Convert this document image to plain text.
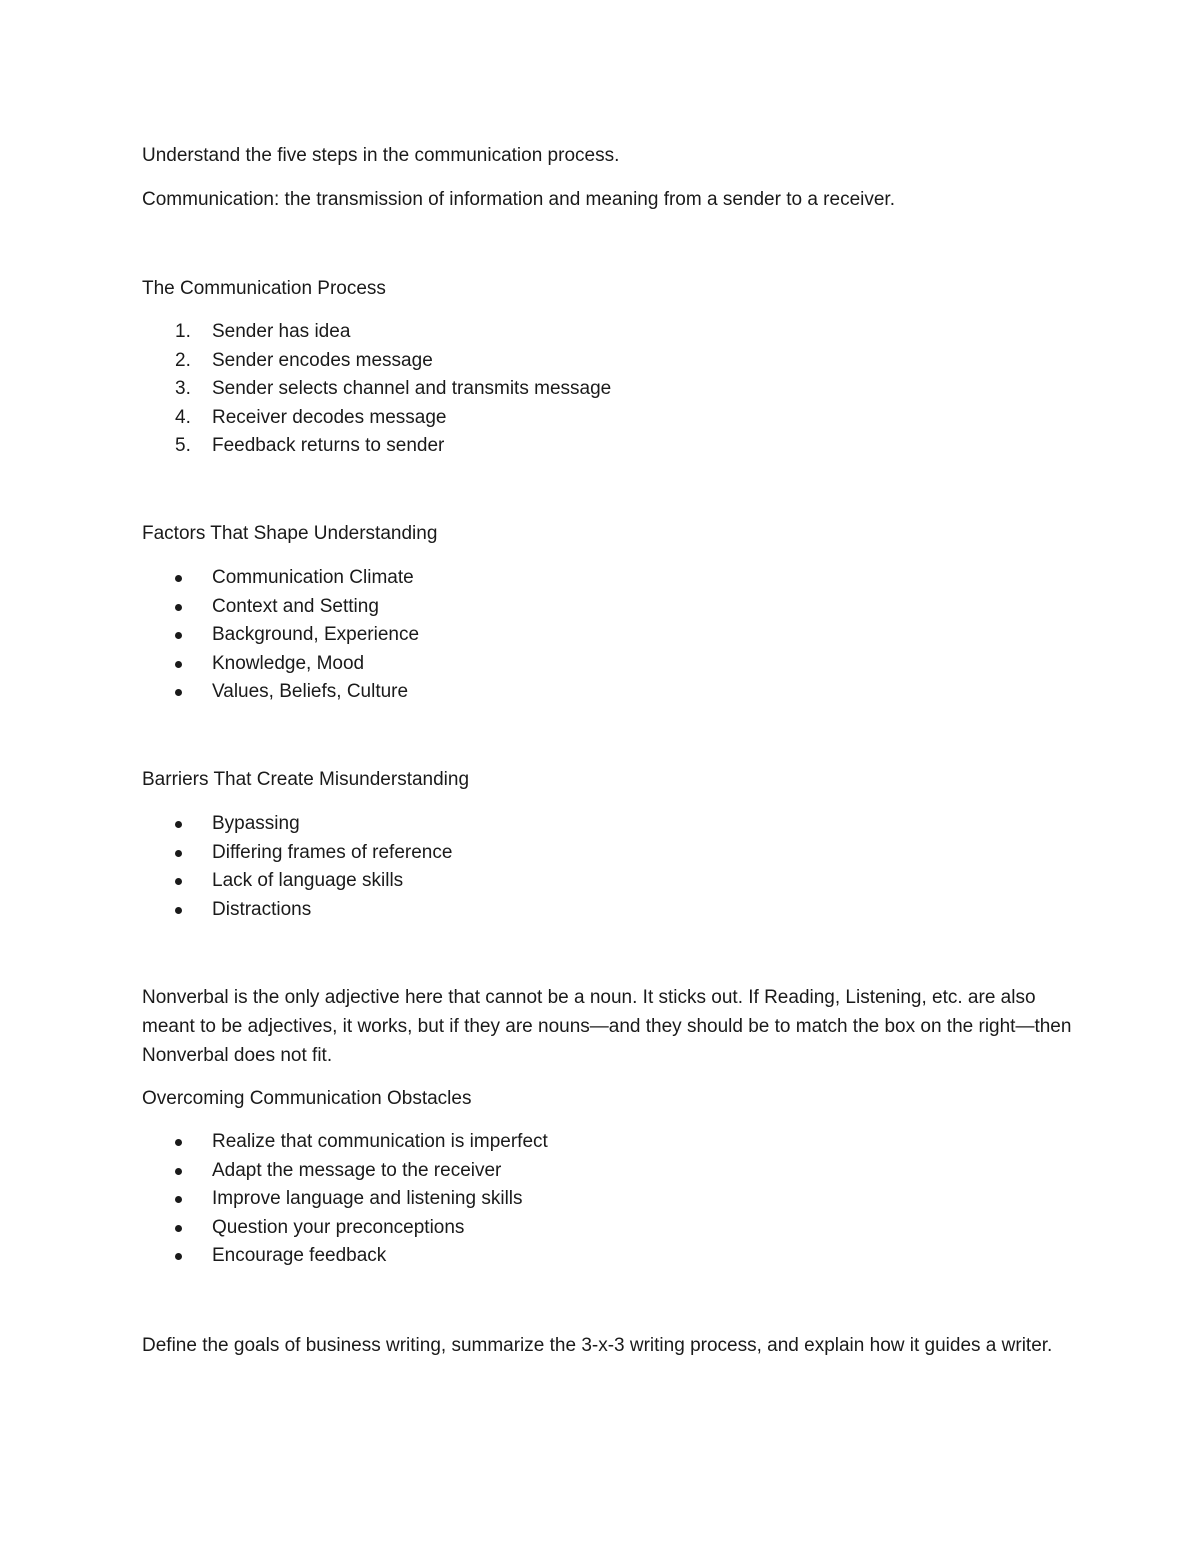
Understand the five steps in the communication process.

Communication: the transmission of information and meaning from a sender to a receiver.

The Communication Process

1. Sender has idea
2. Sender encodes message
3. Sender selects channel and transmits message
4. Receiver decodes message
5. Feedback returns to sender

Factors That Shape Understanding

Communication Climate
Context and Setting
Background, Experience
Knowledge, Mood
Values, Beliefs, Culture

Barriers That Create Misunderstanding

Bypassing
Differing frames of reference
Lack of language skills
Distractions

Nonverbal is the only adjective here that cannot be a noun. It sticks out. If Reading, Listening, etc. are also meant to be adjectives, it works, but if they are nouns—and they should be to match the box on the right—then Nonverbal does not fit.

Overcoming Communication Obstacles

Realize that communication is imperfect
Adapt the message to the receiver
Improve language and listening skills
Question your preconceptions
Encourage feedback

Define the goals of business writing, summarize the 3-x-3 writing process, and explain how it guides a writer.
